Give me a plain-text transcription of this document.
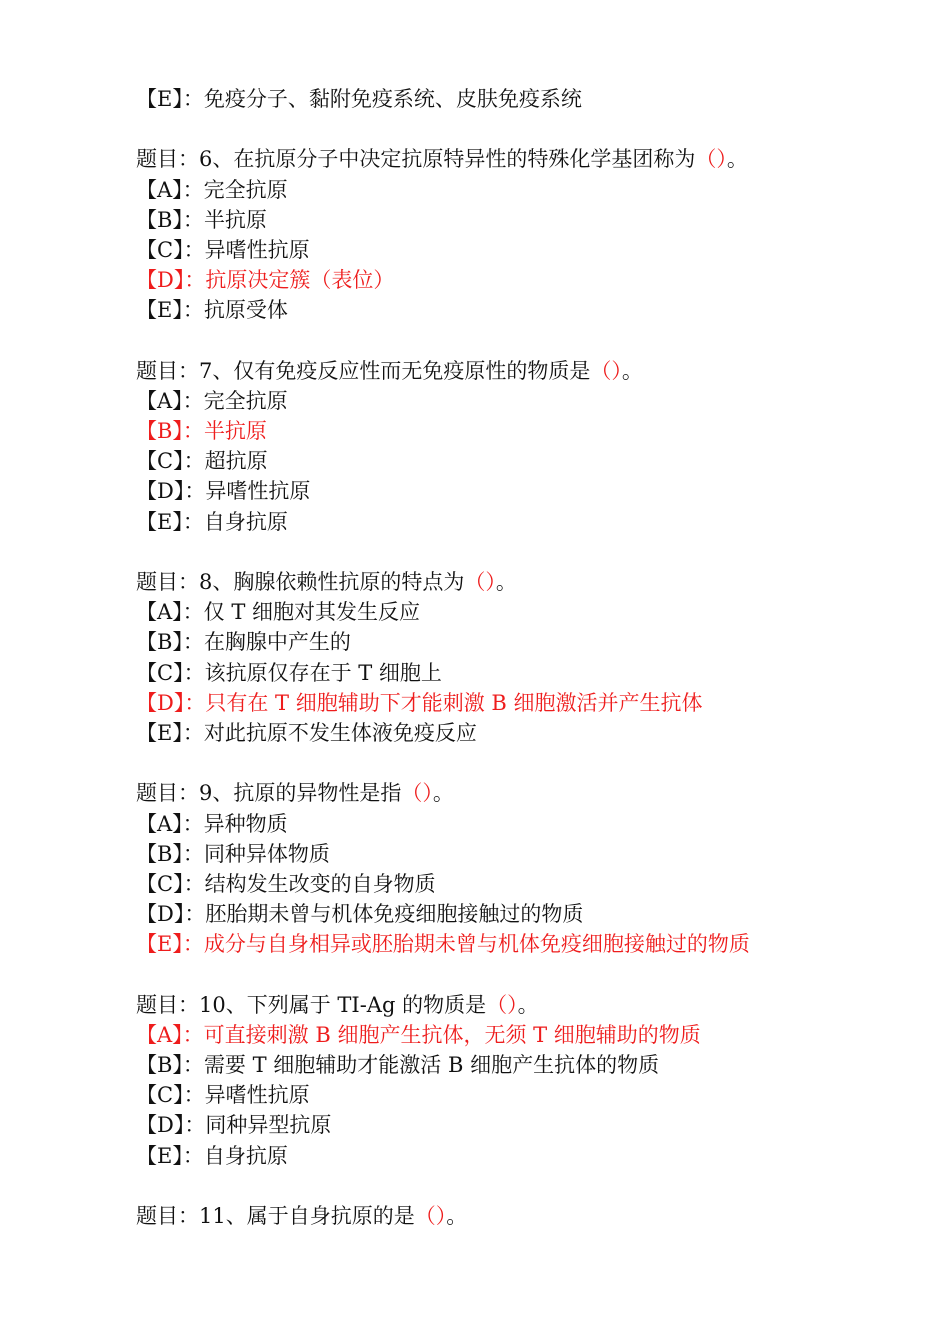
【E】：免疫分子、黏附免疫系统、皮肤免疫系统
题目：6、在抗原分子中决定抗原特异性的特殊化学基团称为（）。
【A】：完全抗原
【B】：半抗原
【C】：异嗜性抗原
【D】：抗原决定簇（表位）
【E】：抗原受体
题目：7、仅有免疫反应性而无免疫原性的物质是（）。
【A】：完全抗原
【B】：半抗原
【C】：超抗原
【D】：异嗜性抗原
【E】：自身抗原
题目：8、胸腺依赖性抗原的特点为（）。
【A】：仅 T 细胞对其发生反应
【B】：在胸腺中产生的
【C】：该抗原仅存在于 T 细胞上
【D】：只有在 T 细胞辅助下才能刺激 B 细胞激活并产生抗体
【E】：对此抗原不发生体液免疫反应
题目：9、抗原的异物性是指（）。
【A】：异种物质
【B】：同种异体物质
【C】：结构发生改变的自身物质
【D】：胚胎期未曾与机体免疫细胞接触过的物质
【E】：成分与自身相异或胚胎期未曾与机体免疫细胞接触过的物质
题目：10、下列属于 TI-Ag 的物质是（）。
【A】：可直接刺激 B 细胞产生抗体，无须 T 细胞辅助的物质
【B】：需要 T 细胞辅助才能激活 B 细胞产生抗体的物质
【C】：异嗜性抗原
【D】：同种异型抗原
【E】：自身抗原
题目：11、属于自身抗原的是（）。
